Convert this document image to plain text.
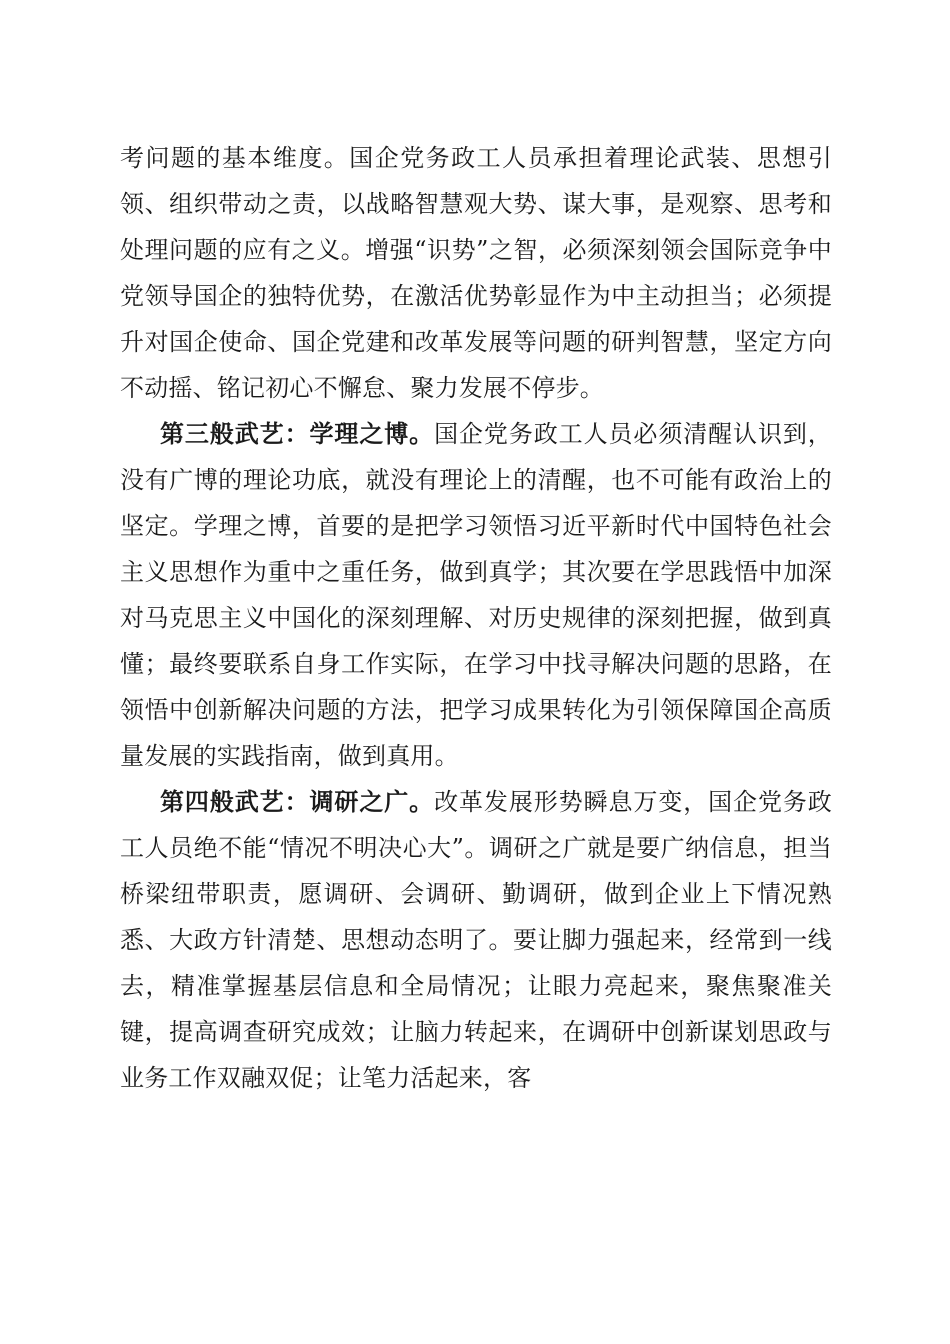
考问题的基本维度。国企党务政工人员承担着理论武装、思想引领、组织带动之责，以战略智慧观大势、谋大事，是观察、思考和处理问题的应有之义。增强“识势”之智，必须深刻领会国际竞争中党领导国企的独特优势，在激活优势彰显作为中主动担当；必须提升对国企使命、国企党建和改革发展等问题的研判智慧，坚定方向不动摇、铭记初心不懈怠、聚力发展不停步。

第三般武艺：学理之博。国企党务政工人员必须清醒认识到，没有广博的理论功底，就没有理论上的清醒，也不可能有政治上的坚定。学理之博，首要的是把学习领悟习近平新时代中国特色社会主义思想作为重中之重任务，做到真学；其次要在学思践悟中加深对马克思主义中国化的深刻理解、对历史规律的深刻把握，做到真懂；最终要联系自身工作实际，在学习中找寻解决问题的思路，在领悟中创新解决问题的方法，把学习成果转化为引领保障国企高质量发展的实践指南，做到真用。

第四般武艺：调研之广。改革发展形势瞬息万变，国企党务政工人员绝不能“情况不明决心大”。调研之广就是要广纳信息，担当桥梁纽带职责，愿调研、会调研、勤调研，做到企业上下情况熟悉、大政方针清楚、思想动态明了。要让脚力强起来，经常到一线去，精准掌握基层信息和全局情况；让眼力亮起来，聚焦聚准关键，提高调查研究成效；让脑力转起来，在调研中创新谋划思政与业务工作双融双促；让笔力活起来，客
